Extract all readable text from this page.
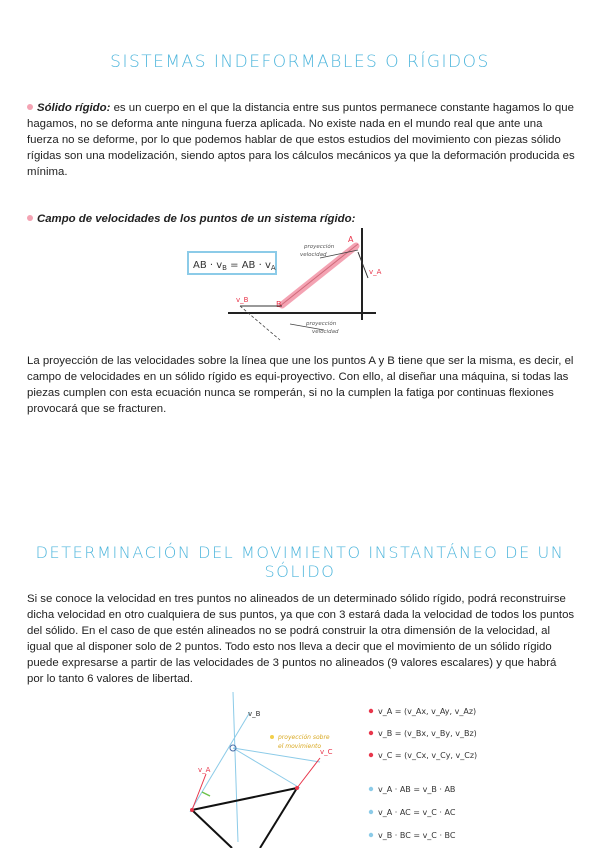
SISTEMAS INDEFORMABLES O RÍGIDOS

Sólido rígido: es un cuerpo en el que la distancia entre sus puntos permanece constante hagamos lo que hagamos, no se deforma ante ninguna fuerza aplicada. No existe nada en el mundo real que ante una fuerza no se deforme, por lo que podemos hablar de que estos estudios del movimiento con piezas sólido rígidas son una modelización, siendo aptos para los cálculos mecánicos ya que la deformación producida es mínima.

Campo de velocidades de los puntos de un sistema rígido:

AB · $v_B$ = AB · $v_A$
A
B
v_A
v_B
proyección
velocidad
proyección
velocidad

La proyección de las velocidades sobre la línea que une los puntos A y B tiene que ser la misma, es decir, el campo de velocidades en un sólido rígido es equi-proyectivo. Con ello, al diseñar una máquina, si todas las piezas cumplen con esta ecuación nunca se romperán, si no la cumplen la fatiga por continuas flexiones provocará que se fracturen.

DETERMINACIÓN DEL MOVIMIENTO INSTANTÁNEO DE UN SÓLIDO

Si se conoce la velocidad en tres puntos no alineados de un determinado sólido rígido, podrá reconstruirse dicha velocidad en otro cualquiera de sus puntos, ya que con 3 estará dada la velocidad de todos los puntos del sólido. En el caso de que estén alineados no se podrá construir la otra dimensión de la velocidad, al igual que al disponer solo de 2 puntos. Todo esto nos lleva a decir que el movimiento de un sólido rígido puede expresarse a partir de las velocidades de 3 puntos no alineados (9 valores escalares) y que habrá por lo tanto 6 valores de libertad.

v_A
v_B
v_C
proyección sobre
el movimiento
v_A = (v_Ax, v_Ay, v_Az)
v_B = (v_Bx, v_By, v_Bz)
v_C = (v_Cx, v_Cy, v_Cz)
v_A · AB = v_B · AB
v_A · AC = v_C · AC
v_B · BC = v_C · BC
